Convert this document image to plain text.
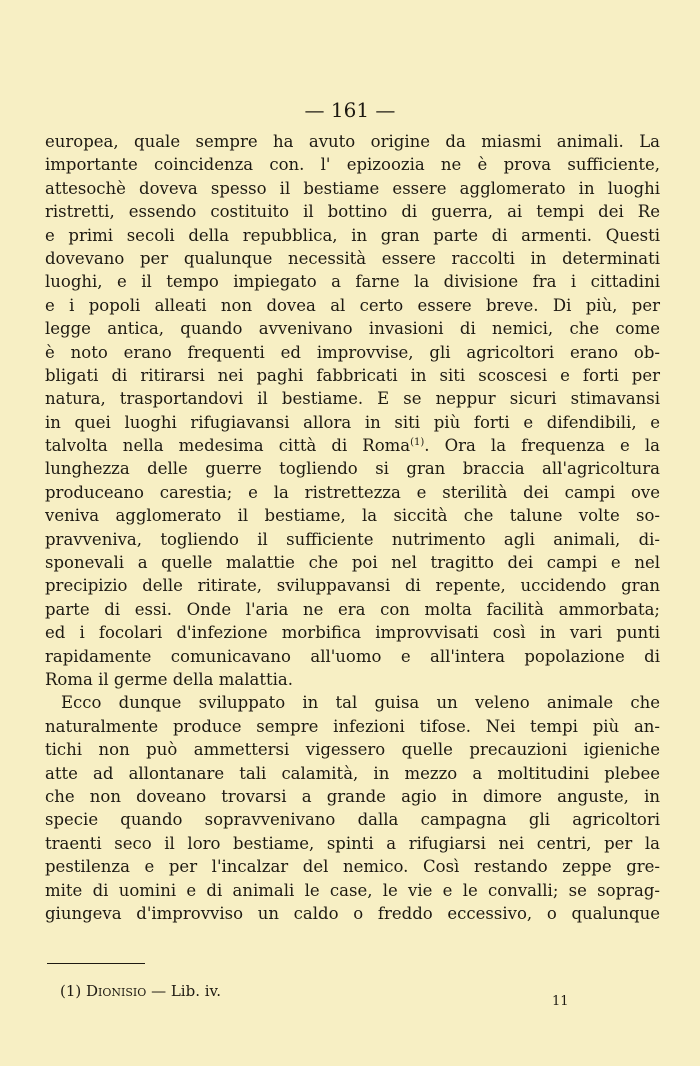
— 161 —
europea, quale sempre ha avuto origine da miasmi animali. La
importante coincidenza con. l' epizoozia ne è prova sufficiente,
attesochè doveva spesso il bestiame essere agglomerato in luoghi
ristretti, essendo costituito il bottino di guerra, ai tempi dei Re
e primi secoli della repubblica, in gran parte di armenti. Questi
dovevano per qualunque necessità essere raccolti in determinati
luoghi, e il tempo impiegato a farne la divisione fra i cittadini
e i popoli alleati non dovea al certo essere breve. Di più, per
legge antica, quando avvenivano invasioni di nemici, che come
è noto erano frequenti ed improvvise, gli agricoltori erano ob-
bligati di ritirarsi nei paghi fabbricati in siti scoscesi e forti per
natura, trasportandovi il bestiame. E se neppur sicuri stimavansi
in quei luoghi rifugiavansi allora in siti più forti e difendibili, e
talvolta nella medesima città di Roma$^{(1)}$. Ora la frequenza e la
lunghezza delle guerre togliendo si gran braccia all'agricoltura
produceano carestia; e la ristrettezza e sterilità dei campi ove
veniva agglomerato il bestiame, la siccità che talune volte so-
pravveniva, togliendo il sufficiente nutrimento agli animali, di-
sponevali a quelle malattie che poi nel tragitto dei campi e nel
precipizio delle ritirate, sviluppavansi di repente, uccidendo gran
parte di essi. Onde l'aria ne era con molta facilità ammorbata;
ed i focolari d'infezione morbifica improvvisati così in vari punti
rapidamente comunicavano all'uomo e all'intera popolazione di
Roma il germe della malattia.
Ecco dunque sviluppato in tal guisa un veleno animale che
naturalmente produce sempre infezioni tifose. Nei tempi più an-
tichi non può ammettersi vigessero quelle precauzioni igieniche
atte ad allontanare tali calamità, in mezzo a moltitudini plebee
che non doveano trovarsi a grande agio in dimore anguste, in
specie quando sopravvenivano dalla campagna gli agricoltori
traenti seco il loro bestiame, spinti a rifugiarsi nei centri, per la
pestilenza e per l'incalzar del nemico. Così restando zeppe gre-
mite di uomini e di animali le case, le vie e le convalli; se soprag-
giungeva d'improvviso un caldo o freddo eccessivo, o qualunque
(1) Dionisio — Lib. iv.
11
